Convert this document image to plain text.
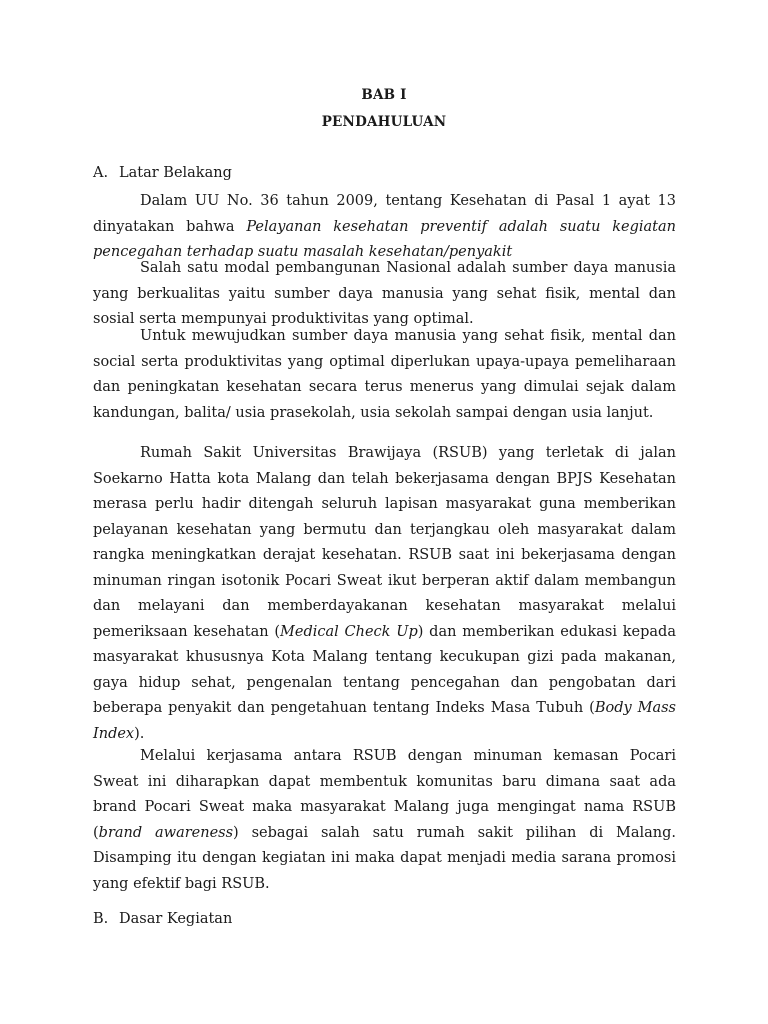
BAB I
PENDAHULUAN
A. Latar Belakang

Dalam UU No. 36 tahun 2009, tentang Kesehatan di Pasal 1 ayat 13 dinyatakan bahwa Pelayanan kesehatan preventif adalah suatu kegiatan pencegahan terhadap suatu masalah kesehatan/penyakit

Salah satu modal pembangunan Nasional adalah sumber daya manusia yang berkualitas yaitu sumber daya manusia yang sehat fisik, mental dan sosial serta mempunyai produktivitas yang optimal.

Untuk mewujudkan sumber daya manusia yang sehat fisik, mental dan social serta produktivitas yang optimal diperlukan upaya-upaya pemeliharaan dan peningkatan kesehatan secara terus menerus yang dimulai sejak dalam kandungan, balita/ usia prasekolah, usia sekolah sampai dengan usia lanjut.

Rumah Sakit Universitas Brawijaya (RSUB) yang terletak di jalan Soekarno Hatta kota Malang dan telah bekerjasama dengan BPJS Kesehatan merasa perlu hadir ditengah seluruh lapisan masyarakat guna memberikan pelayanan kesehatan yang bermutu dan terjangkau oleh masyarakat dalam rangka meningkatkan derajat kesehatan. RSUB saat ini bekerjasama dengan minuman ringan isotonik Pocari Sweat ikut berperan aktif dalam membangun dan melayani dan memberdayakanan kesehatan masyarakat melalui pemeriksaan kesehatan (Medical Check Up) dan memberikan edukasi kepada masyarakat khususnya Kota Malang tentang kecukupan gizi pada makanan, gaya hidup sehat, pengenalan tentang pencegahan dan pengobatan dari beberapa penyakit dan pengetahuan tentang Indeks Masa Tubuh (Body Mass Index).

Melalui kerjasama antara RSUB dengan minuman kemasan Pocari Sweat ini diharapkan dapat membentuk komunitas baru dimana saat ada brand Pocari Sweat maka masyarakat Malang juga mengingat nama RSUB (brand awareness) sebagai salah satu rumah sakit pilihan di Malang. Disamping itu dengan kegiatan ini maka dapat menjadi media sarana promosi yang efektif bagi RSUB.

B. Dasar Kegiatan
